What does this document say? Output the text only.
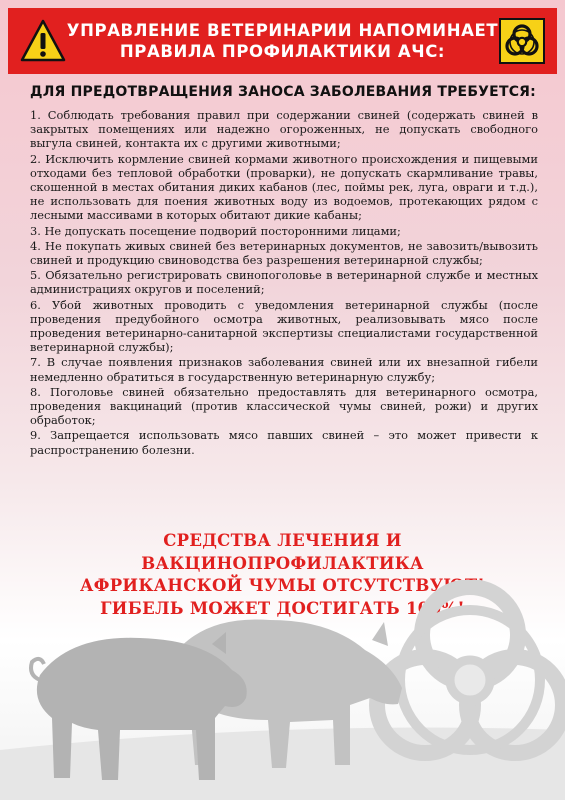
УПРАВЛЕНИЕ ВЕТЕРИНАРИИ НАПОМИНАЕТ
ПРАВИЛА ПРОФИЛАКТИКИ АЧС:
ДЛЯ ПРЕДОТВРАЩЕНИЯ ЗАНОСА ЗАБОЛЕВАНИЯ ТРЕБУЕТСЯ:

1. Соблюдать требования правил при содержании свиней (содержать свиней в закрытых помещениях или надежно огороженных, не допускать свободного выгула свиней, контакта их с другими животными;

2. Исключить кормление свиней кормами животного происхождения и пищевыми отходами без тепловой обработки (проварки), не допускать скармливание травы, скошенной в местах обитания диких кабанов (лес, поймы рек, луга, овраги и т.д.), не использовать для поения животных воду из водоемов, протекающих рядом с лесными массивами в которых обитают дикие кабаны;

3. Не допускать посещение подворий посторонними лицами;

4. Не покупать живых свиней без ветеринарных документов, не завозить/вывозить свиней и продукцию свиноводства без разрешения ветеринарной службы;

5. Обязательно регистрировать свинопоголовье в ветеринарной службе и местных администрациях округов и поселений;

6. Убой животных проводить с уведомления ветеринарной службы (после проведения предубойного осмотра животных, реализовывать мясо после проведения ветеринарно-санитарной экспертизы специалистами государственной ветеринарной службы);

7. В случае появления признаков заболевания свиней или их внезапной гибели немедленно обратиться в государственную ветеринарную службу;

8. Поголовье свиней обязательно предоставлять для ветеринарного осмотра, проведения вакцинаций (против классической чумы свиней, рожи) и других обработок;

9. Запрещается использовать мясо павших свиней – это может привести к распространению болезни.

СРЕДСТВА ЛЕЧЕНИЯ И ВАКЦИНОПРОФИЛАКТИКА
АФРИКАНСКОЙ ЧУМЫ ОТСУТСТВУЮТ!
ГИБЕЛЬ МОЖЕТ ДОСТИГАТЬ 100%!
